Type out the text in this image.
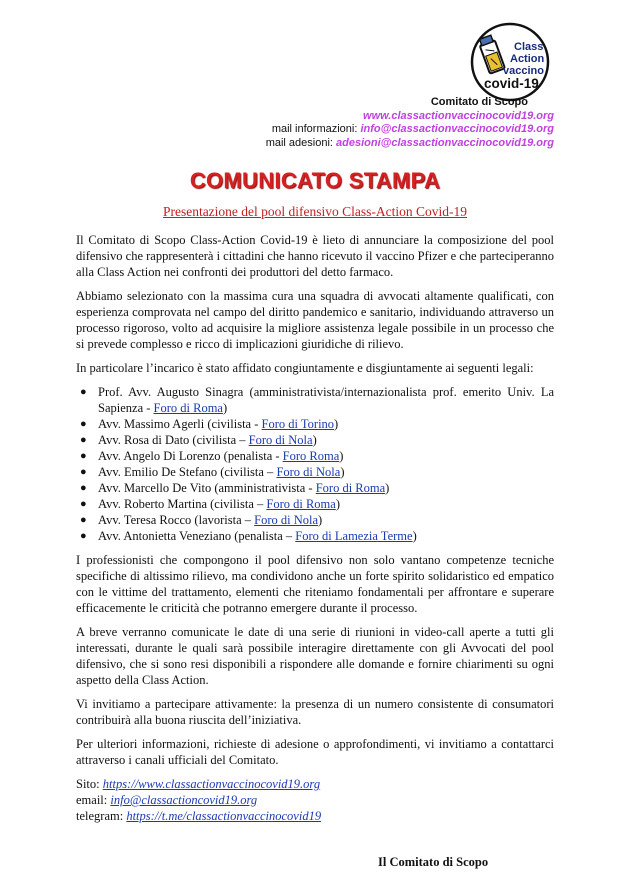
Class
Action
vaccino
covid-19
Comitato di Scopo
www.classactionvaccinocovid19.org
mail informazioni: info@classactionvaccinocovid19.org
mail adesioni: adesioni@classactionvaccinocovid19.org
COMUNICATO STAMPA
Presentazione del pool difensivo Class-Action Covid-19

Il Comitato di Scopo Class-Action Covid-19 è lieto di annunciare la composizione del pool difensivo che rappresenterà i cittadini che hanno ricevuto il vaccino Pfizer e che parteciperanno alla Class Action nei confronti dei produttori del detto farmaco.

Abbiamo selezionato con la massima cura una squadra di avvocati altamente qualificati, con esperienza comprovata nel campo del diritto pandemico e sanitario, individuando attraverso un processo rigoroso, volto ad acquisire la migliore assistenza legale possibile in un processo che si prevede complesso e ricco di implicazioni giuridiche di rilievo.

In particolare l’incarico è stato affidato congiuntamente e disgiuntamente ai seguenti legali:

● Prof. Avv. Augusto Sinagra (amministrativista/internazionalista prof. emerito Univ. La Sapienza - Foro di Roma)
● Avv. Massimo Agerli (civilista - Foro di Torino)
● Avv. Rosa di Dato (civilista – Foro di Nola)
● Avv. Angelo Di Lorenzo (penalista - Foro Roma)
● Avv. Emilio De Stefano (civilista – Foro di Nola)
● Avv. Marcello De Vito (amministrativista - Foro di Roma)
● Avv. Roberto Martina (civilista – Foro di Roma)
● Avv. Teresa Rocco (lavorista – Foro di Nola)
● Avv. Antonietta Veneziano (penalista – Foro di Lamezia Terme)

I professionisti che compongono il pool difensivo non solo vantano competenze tecniche specifiche di altissimo rilievo, ma condividono anche un forte spirito solidaristico ed empatico con le vittime del trattamento, elementi che riteniamo fondamentali per affrontare e superare efficacemente le criticità che potranno emergere durante il processo.

A breve verranno comunicate le date di una serie di riunioni in video-call aperte a tutti gli interessati, durante le quali sarà possibile interagire direttamente con gli Avvocati del pool difensivo, che si sono resi disponibili a rispondere alle domande e fornire chiarimenti su ogni aspetto della Class Action.

Vi invitiamo a partecipare attivamente: la presenza di un numero consistente di consumatori contribuirà alla buona riuscita dell’iniziativa.

Per ulteriori informazioni, richieste di adesione o approfondimenti, vi invitiamo a contattarci attraverso i canali ufficiali del Comitato.

Sito: https://www.classactionvaccinocovid19.org
email: info@classactioncovid19.org
telegram: https://t.me/classactionvaccinocovid19
Il Comitato di Scopo
